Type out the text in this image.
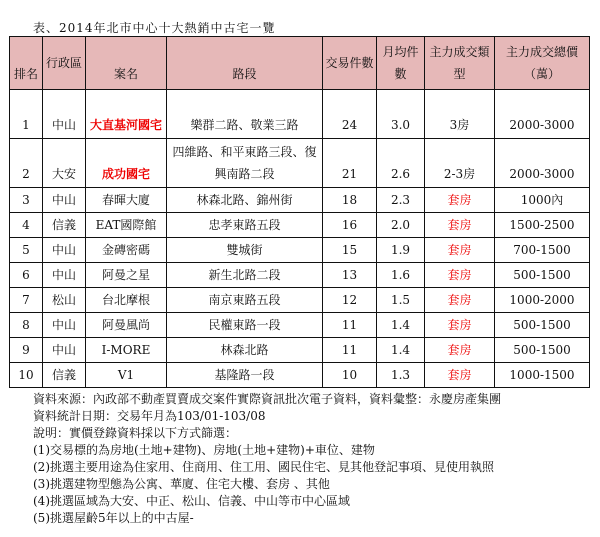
表、2014年北市中心十大熱銷中古宅一覽
排名	行政區	案名	路段	交易件數	月均件數	主力成交類型	主力成交總價（萬）
1	中山	大直基河國宅	樂群二路、敬業三路	24	3.0	3房	2000-3000
2	大安	成功國宅	四維路、和平東路三段、復興南路二段	21	2.6	2-3房	2000-3000
3	中山	春暉大廈	林森北路、錦州街	18	2.3	套房	1000內
4	信義	EAT國際館	忠孝東路五段	16	2.0	套房	1500-2500
5	中山	金磚密碼	雙城街	15	1.9	套房	700-1500
6	中山	阿曼之星	新生北路二段	13	1.6	套房	500-1500
7	松山	台北摩根	南京東路五段	12	1.5	套房	1000-2000
8	中山	阿曼風尚	民權東路一段	11	1.4	套房	500-1500
9	中山	I-MORE	林森北路	11	1.4	套房	500-1500
10	信義	V1	基隆路一段	10	1.3	套房	1000-1500
資料來源：內政部不動產買賣成交案件實際資訊批次電子資料，資料彙整：永慶房產集團
資料統計日期：交易年月為103/01-103/08
說明：實價登錄資料採以下方式篩選：
(1)交易標的為房地(土地+建物)、房地(土地+建物)+車位、建物
(2)挑選主要用途為住家用、住商用、住工用、國民住宅、見其他登記事項、見使用執照
(3)挑選建物型態為公寓、華廈、住宅大樓、套房 、其他
(4)挑選區域為大安、中正、松山、信義、中山等市中心區域
(5)挑選屋齡5年以上的中古屋-
